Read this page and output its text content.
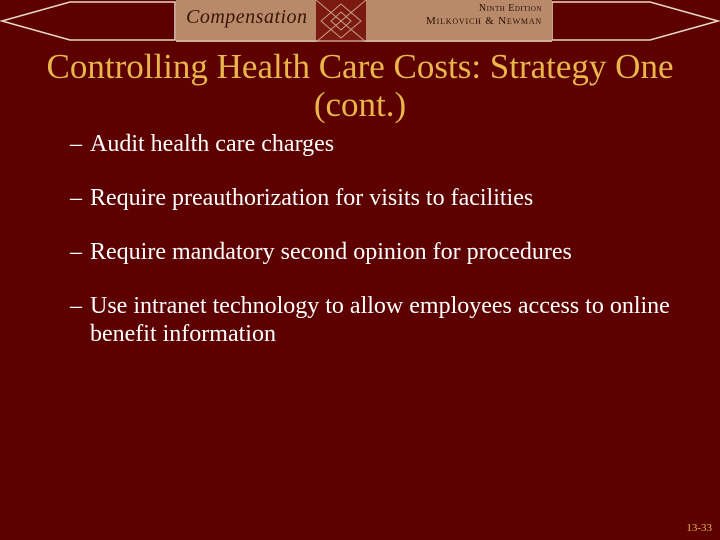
Compensation	Ninth Edition
Milkovich & Newman
Controlling Health Care Costs: Strategy One (cont.)
– Audit health care charges
– Require preauthorization for visits to facilities
– Require mandatory second opinion for procedures
– Use intranet technology to allow employees access to online benefit information
13-33
